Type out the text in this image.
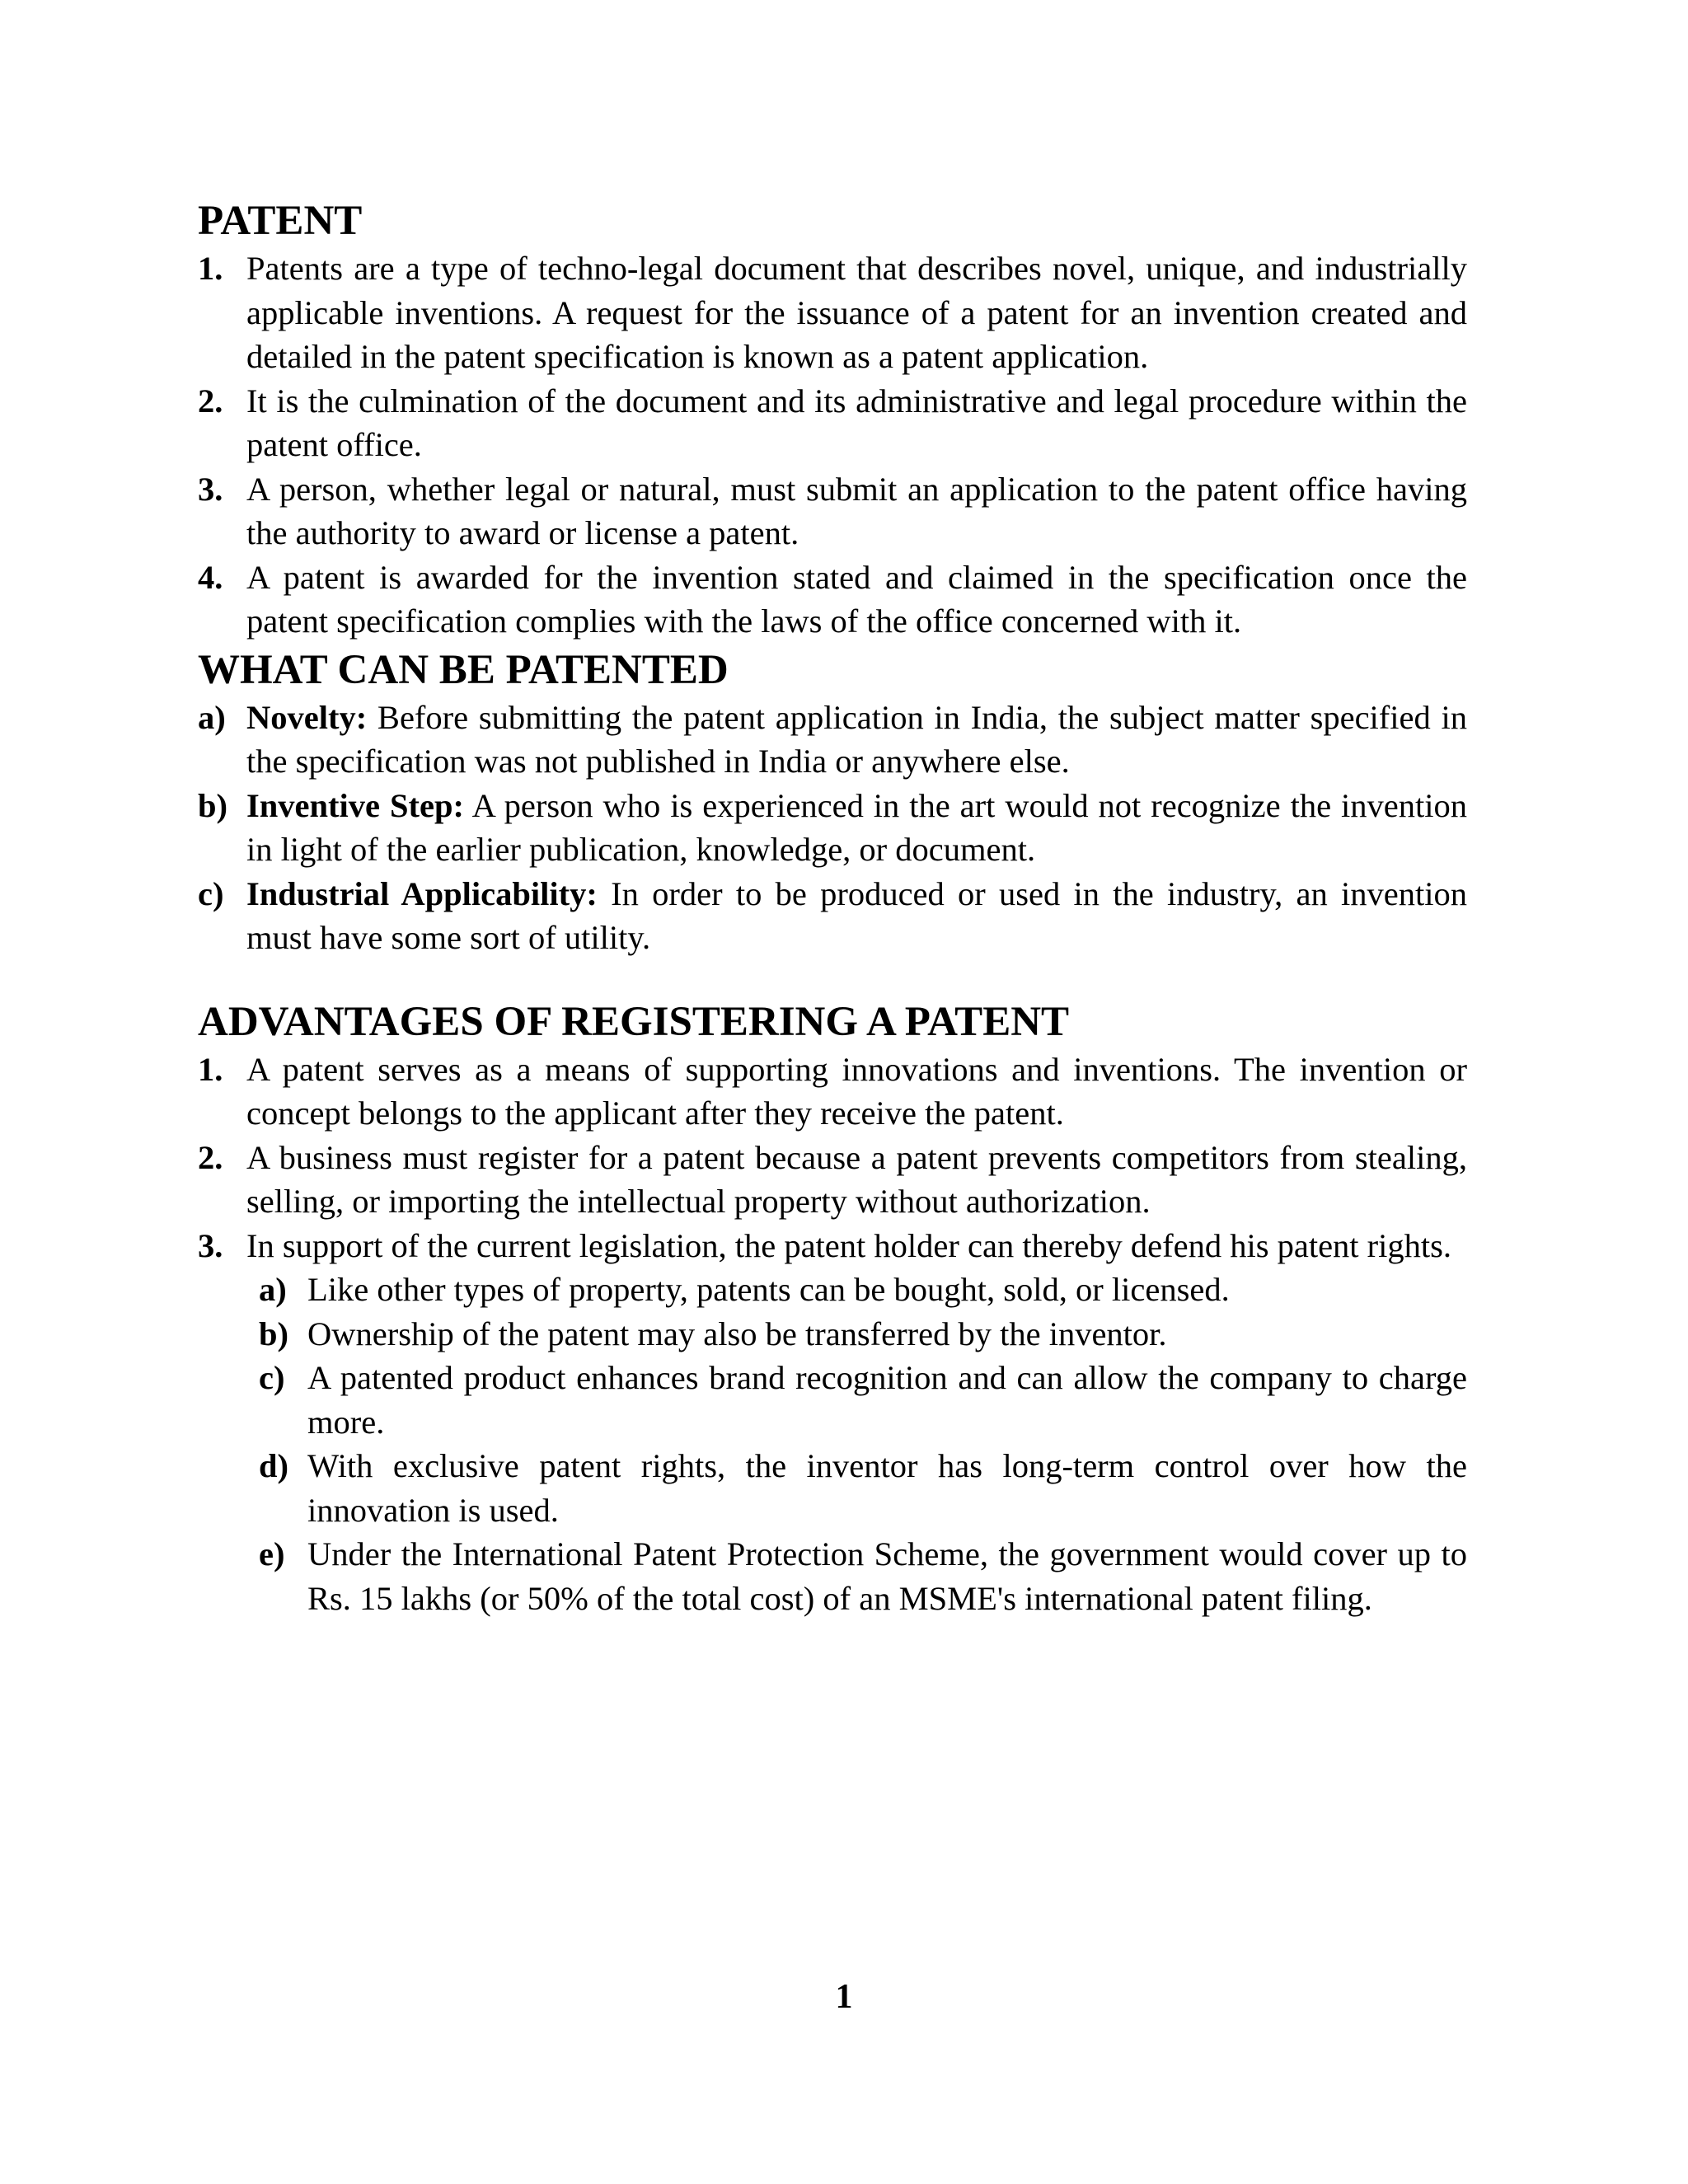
PATENT
1. Patents are a type of techno-legal document that describes novel, unique, and industrially applicable inventions. A request for the issuance of a patent for an invention created and detailed in the patent specification is known as a patent application.
2. It is the culmination of the document and its administrative and legal procedure within the patent office.
3. A person, whether legal or natural, must submit an application to the patent office having the authority to award or license a patent.
4. A patent is awarded for the invention stated and claimed in the specification once the patent specification complies with the laws of the office concerned with it.
WHAT CAN BE PATENTED
a) Novelty: Before submitting the patent application in India, the subject matter specified in the specification was not published in India or anywhere else.
b) Inventive Step: A person who is experienced in the art would not recognize the invention in light of the earlier publication, knowledge, or document.
c) Industrial Applicability: In order to be produced or used in the industry, an invention must have some sort of utility.
ADVANTAGES OF REGISTERING A PATENT
1. A patent serves as a means of supporting innovations and inventions. The invention or concept belongs to the applicant after they receive the patent.
2. A business must register for a patent because a patent prevents competitors from stealing, selling, or importing the intellectual property without authorization.
3. In support of the current legislation, the patent holder can thereby defend his patent rights.
a) Like other types of property, patents can be bought, sold, or licensed.
b) Ownership of the patent may also be transferred by the inventor.
c) A patented product enhances brand recognition and can allow the company to charge more.
d) With exclusive patent rights, the inventor has long-term control over how the innovation is used.
e) Under the International Patent Protection Scheme, the government would cover up to Rs. 15 lakhs (or 50% of the total cost) of an MSME's international patent filing.
1
